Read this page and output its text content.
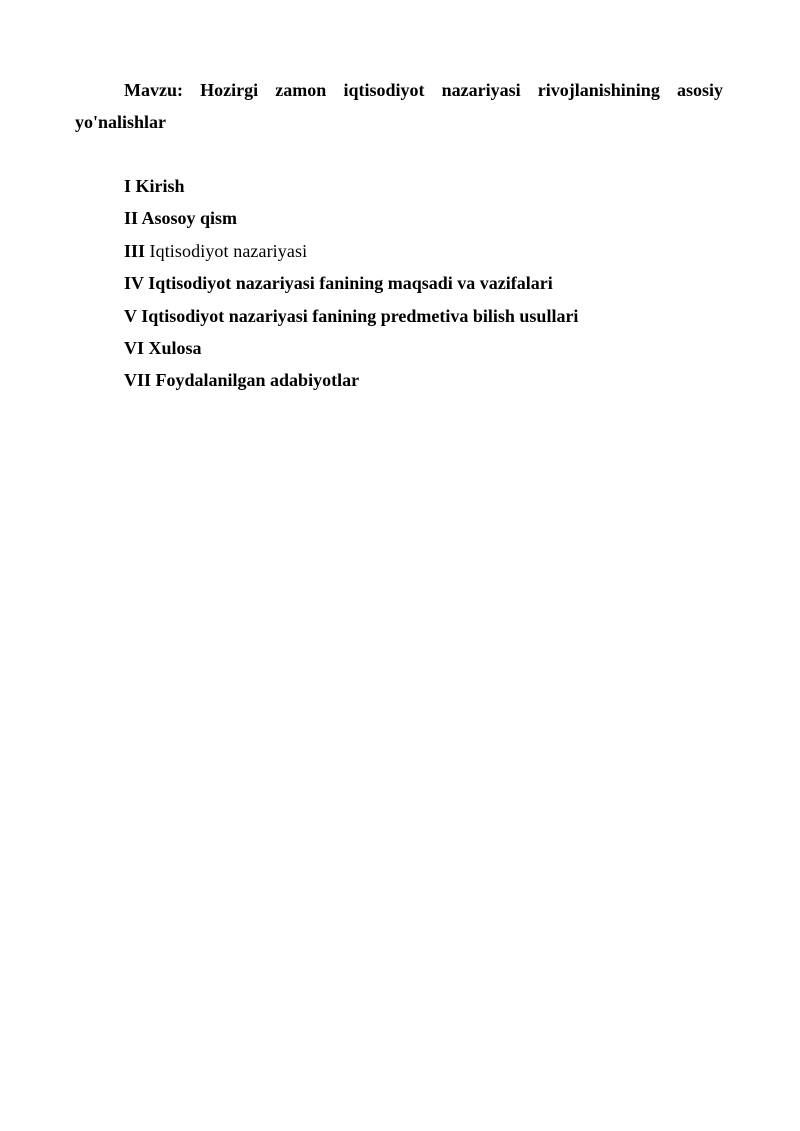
Mavzu: Hozirgi zamon iqtisodiyot nazariyasi rivojlanishining asosiy yo'nalishlar

I Kirish
II Asosoy qism
III Iqtisodiyot nazariyasi
IV Iqtisodiyot nazariyasi fanining maqsadi va vazifalari
V Iqtisodiyot nazariyasi fanining predmetiva bilish usullari
VI Xulosa
VII Foydalanilgan adabiyotlar
